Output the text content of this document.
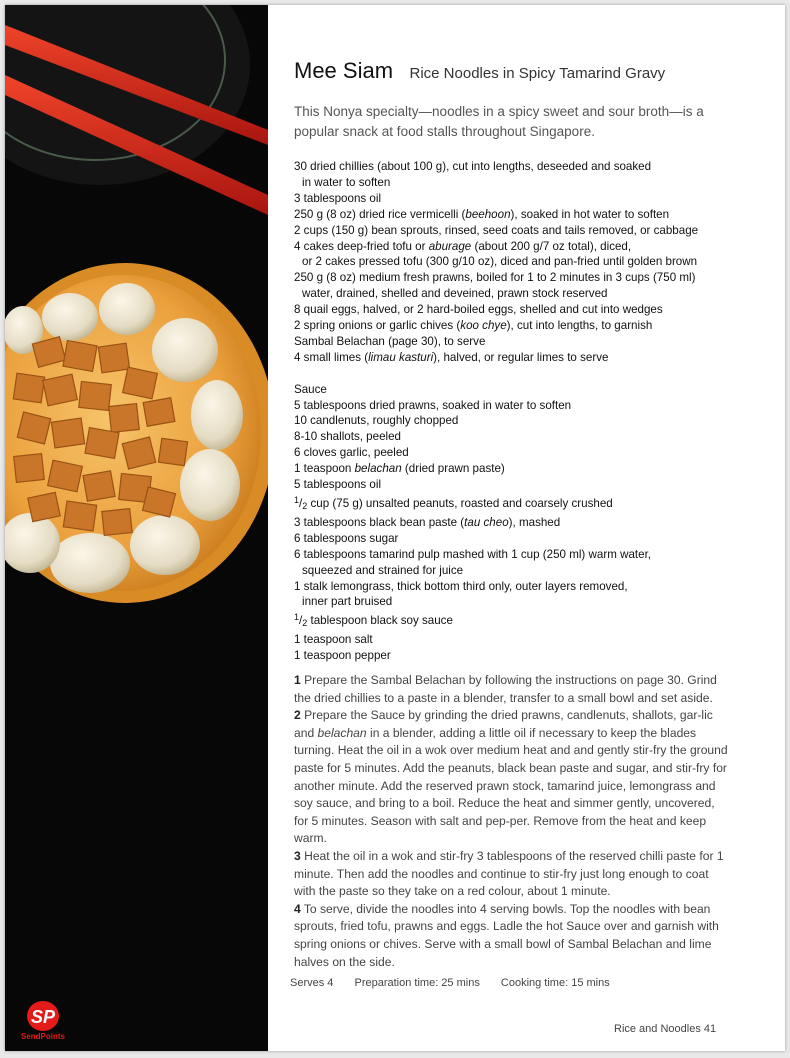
SP
SendPoints
Mee Siam Rice Noodles in Spicy Tamarind Gravy
This Nonya specialty—noodles in a spicy sweet and sour broth—is a popular snack at food stalls throughout Singapore.
30 dried chillies (about 100 g), cut into lengths, deseeded and soaked
in water to soften
3 tablespoons oil
250 g (8 oz) dried rice vermicelli (beehoon), soaked in hot water to soften
2 cups (150 g) bean sprouts, rinsed, seed coats and tails removed, or cabbage
4 cakes deep-fried tofu or aburage (about 200 g/7 oz total), diced,
or 2 cakes pressed tofu (300 g/10 oz), diced and pan-fried until golden brown
250 g (8 oz) medium fresh prawns, boiled for 1 to 2 minutes in 3 cups (750 ml)
water, drained, shelled and deveined, prawn stock reserved
8 quail eggs, halved, or 2 hard-boiled eggs, shelled and cut into wedges
2 spring onions or garlic chives (koo chye), cut into lengths, to garnish
Sambal Belachan (page 30), to serve
4 small limes (limau kasturi), halved, or regular limes to serve
Sauce
5 tablespoons dried prawns, soaked in water to soften
10 candlenuts, roughly chopped
8-10 shallots, peeled
6 cloves garlic, peeled
1 teaspoon belachan (dried prawn paste)
5 tablespoons oil
$^1$/2 cup (75 g) unsalted peanuts, roasted and coarsely crushed
3 tablespoons black bean paste (tau cheo), mashed
6 tablespoons sugar
6 tablespoons tamarind pulp mashed with 1 cup (250 ml) warm water,
squeezed and strained for juice
1 stalk lemongrass, thick bottom third only, outer layers removed,
inner part bruised
$^1$/2 tablespoon black soy sauce
1 teaspoon salt
1 teaspoon pepper

1 Prepare the Sambal Belachan by following the instructions on page 30. Grind the dried chillies to a paste in a blender, transfer to a small bowl and set aside.

2 Prepare the Sauce by grinding the dried prawns, candlenuts, shallots, gar-lic and belachan in a blender, adding a little oil if necessary to keep the blades turning. Heat the oil in a wok over medium heat and and gently stir-fry the ground paste for 5 minutes. Add the peanuts, black bean paste and sugar, and stir-fry for another minute. Add the reserved prawn stock, tamarind juice, lemongrass and soy sauce, and bring to a boil. Reduce the heat and simmer gently, uncovered, for 5 minutes. Season with salt and pep-per. Remove from the heat and keep warm.

3 Heat the oil in a wok and stir-fry 3 tablespoons of the reserved chilli paste for 1 minute. Then add the noodles and continue to stir-fry just long enough to coat with the paste so they take on a red colour, about 1 minute.

4 To serve, divide the noodles into 4 serving bowls. Top the noodles with bean sprouts, fried tofu, prawns and eggs. Ladle the hot Sauce over and garnish with spring onions or chives. Serve with a small bowl of Sambal Belachan and lime halves on the side.

Serves 4 Preparation time: 25 mins Cooking time: 15 mins
Rice and Noodles 41
